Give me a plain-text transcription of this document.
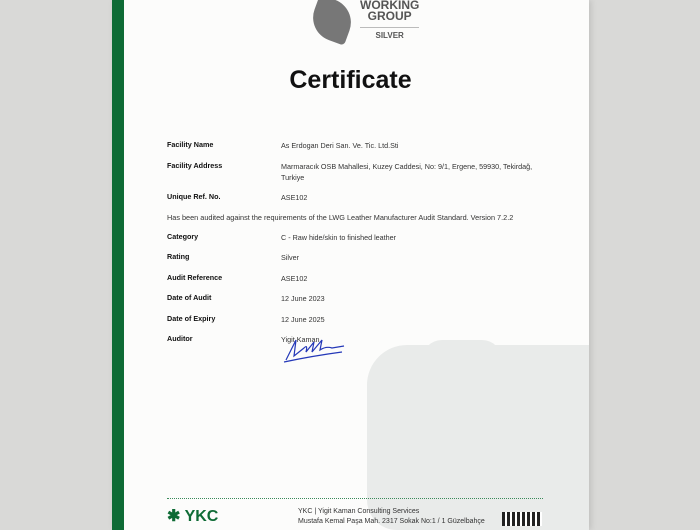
WORKING
GROUP
SILVER
Certificate
Facility Name	As Erdogan Deri San. Ve. Tic. Ltd.Sti
Facility Address	Marmaracık OSB Mahallesi, Kuzey Caddesi, No: 9/1, Ergene, 59930, Tekirdağ, Turkiye
Unique Ref. No.	ASE102
Has been audited against the requirements of the LWG Leather Manufacturer Audit Standard. Version 7.2.2
Category	C - Raw hide/skin to finished leather
Rating	Silver
Audit Reference	ASE102
Date of Audit	12 June 2023
Date of Expiry	12 June 2025
Auditor	Yigit Kaman
✱ YKC	YKC | Yigit Kaman Consulting Services
Mustafa Kemal Paşa Mah. 2317 Sokak No:1 / 1 Güzelbahçe
